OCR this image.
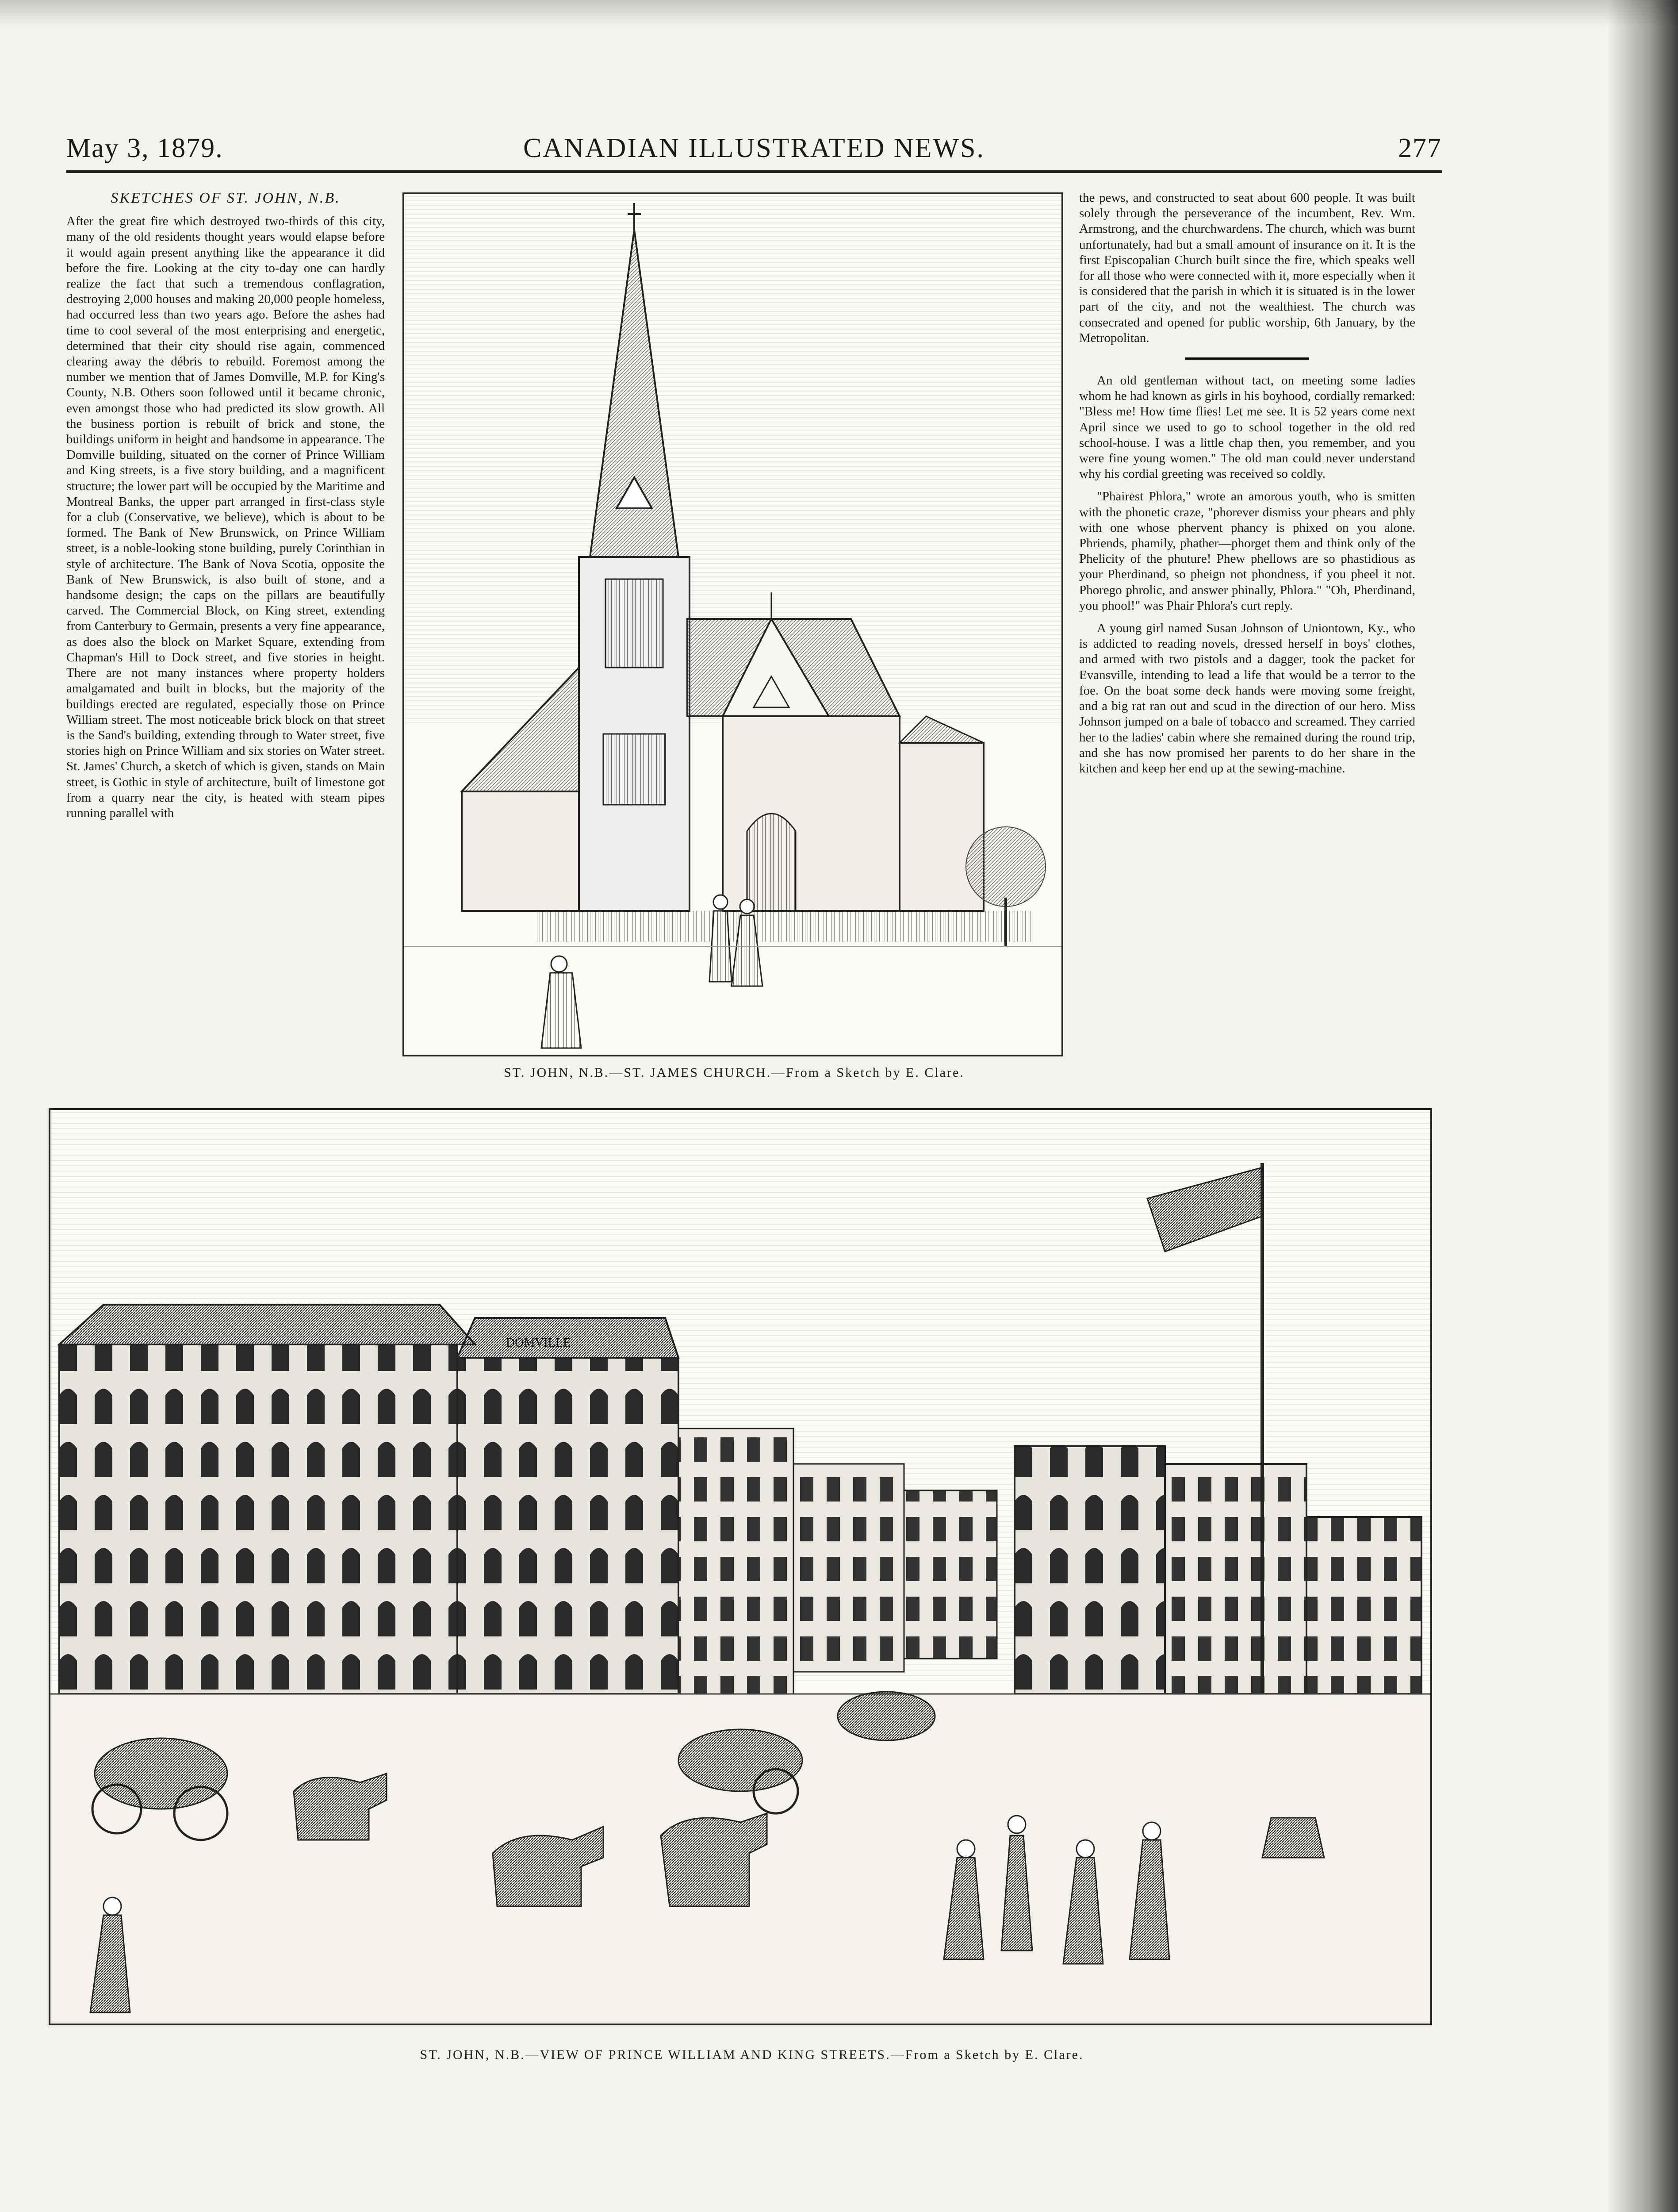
May 3, 1879.	CANADIAN ILLUSTRATED NEWS.	277
SKETCHES OF ST. JOHN, N.B.

After the great fire which destroyed two-thirds of this city, many of the old residents thought years would elapse before it would again present anything like the appearance it did before the fire. Looking at the city to-day one can hardly realize the fact that such a tremendous conflagration, destroying 2,000 houses and making 20,000 people homeless, had occurred less than two years ago. Before the ashes had time to cool several of the most enterprising and energetic, determined that their city should rise again, commenced clearing away the débris to rebuild. Foremost among the number we mention that of James Domville, M.P. for King's County, N.B. Others soon followed until it became chronic, even amongst those who had predicted its slow growth. All the business portion is rebuilt of brick and stone, the buildings uniform in height and handsome in appearance. The Domville building, situated on the corner of Prince William and King streets, is a five story building, and a magnificent structure; the lower part will be occupied by the Maritime and Montreal Banks, the upper part arranged in first-class style for a club (Conservative, we believe), which is about to be formed. The Bank of New Brunswick, on Prince William street, is a noble-looking stone building, purely Corinthian in style of architecture. The Bank of Nova Scotia, opposite the Bank of New Brunswick, is also built of stone, and a handsome design; the caps on the pillars are beautifully carved. The Commercial Block, on King street, extending from Canterbury to Germain, presents a very fine appearance, as does also the block on Market Square, extending from Chapman's Hill to Dock street, and five stories in height. There are not many instances where property holders amalgamated and built in blocks, but the majority of the buildings erected are regulated, especially those on Prince William street. The most noticeable brick block on that street is the Sand's building, extending through to Water street, five stories high on Prince William and six stories on Water street. St. James' Church, a sketch of which is given, stands on Main street, is Gothic in style of architecture, built of limestone got from a quarry near the city, is heated with steam pipes running parallel with

ST. JOHN, N.B.—ST. JAMES CHURCH.—From a Sketch by E. Clare.

the pews, and constructed to seat about 600 people. It was built solely through the perseverance of the incumbent, Rev. Wm. Armstrong, and the churchwardens. The church, which was burnt unfortunately, had but a small amount of insurance on it. It is the first Episcopalian Church built since the fire, which speaks well for all those who were connected with it, more especially when it is considered that the parish in which it is situated is in the lower part of the city, and not the wealthiest. The church was consecrated and opened for public worship, 6th January, by the Metropolitan.

An old gentleman without tact, on meeting some ladies whom he had known as girls in his boyhood, cordially remarked: "Bless me! How time flies! Let me see. It is 52 years come next April since we used to go to school together in the old red school-house. I was a little chap then, you remember, and you were fine young women." The old man could never understand why his cordial greeting was received so coldly.

"Phairest Phlora," wrote an amorous youth, who is smitten with the phonetic craze, "phorever dismiss your phears and phly with one whose phervent phancy is phixed on you alone. Phriends, phamily, phather—phorget them and think only of the Phelicity of the phuture! Phew phellows are so phastidious as your Pherdinand, so pheign not phondness, if you pheel it not. Phorego phrolic, and answer phinally, Phlora." "Oh, Pherdinand, you phool!" was Phair Phlora's curt reply.

A young girl named Susan Johnson of Uniontown, Ky., who is addicted to reading novels, dressed herself in boys' clothes, and armed with two pistols and a dagger, took the packet for Evansville, intending to lead a life that would be a terror to the foe. On the boat some deck hands were moving some freight, and a big rat ran out and scud in the direction of our hero. Miss Johnson jumped on a bale of tobacco and screamed. They carried her to the ladies' cabin where she remained during the round trip, and she has now promised her parents to do her share in the kitchen and keep her end up at the sewing-machine.

DOMVILLE
ST. JOHN, N.B.—VIEW OF PRINCE WILLIAM AND KING STREETS.—From a Sketch by E. Clare.
